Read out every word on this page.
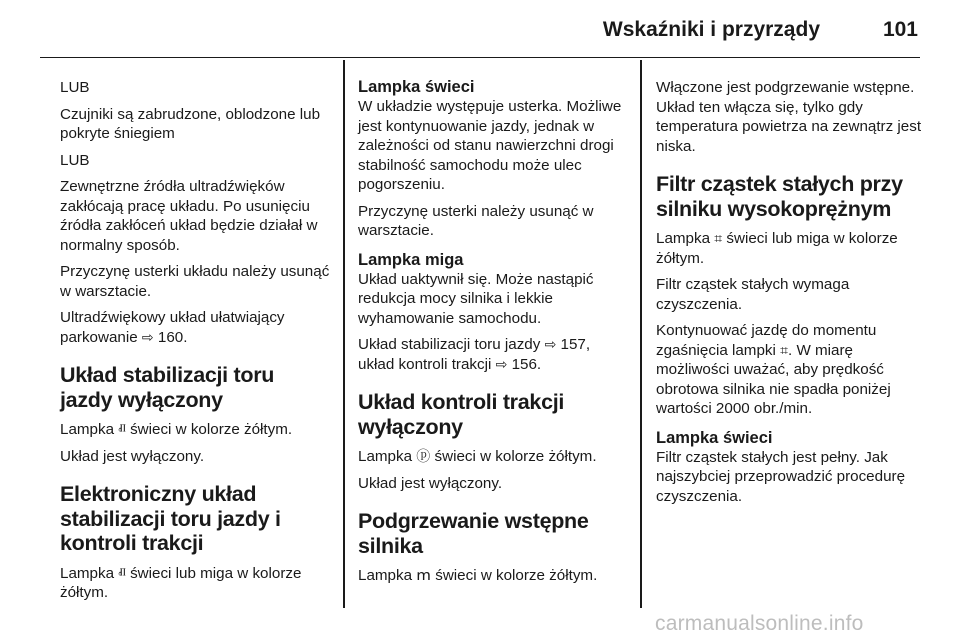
Wskaźniki i przyrządy	101

LUB

Czujniki są zabrudzone, oblodzone lub pokryte śniegiem

LUB

Zewnętrzne źródła ultradźwięków zakłócają pracę układu. Po usunięciu źródła zakłóceń układ będzie działał w normalny sposób.

Przyczynę usterki układu należy usunąć w warsztacie.

Ultradźwiękowy układ ułatwiający parkowanie ⇨ 160.

Układ stabilizacji toru jazdy wyłączony

Lampka ⱊ świeci w kolorze żółtym.

Układ jest wyłączony.

Elektroniczny układ stabilizacji toru jazdy i kontroli trakcji

Lampka ⱊ świeci lub miga w kolorze żółtym.

Lampka świeci

W układzie występuje usterka. Możliwe jest kontynuowanie jazdy, jednak w zależności od stanu nawierzchni drogi stabilność samochodu może ulec pogorszeniu.

Przyczynę usterki należy usunąć w warsztacie.

Lampka miga

Układ uaktywnił się. Może nastąpić redukcja mocy silnika i lekkie wyhamowanie samochodu.

Układ stabilizacji toru jazdy ⇨ 157, układ kontroli trakcji ⇨ 156.

Układ kontroli trakcji wyłączony

Lampka ⓟ świeci w kolorze żółtym.

Układ jest wyłączony.

Podgrzewanie wstępne silnika

Lampka ՠ świeci w kolorze żółtym.

Włączone jest podgrzewanie wstępne. Układ ten włącza się, tylko gdy temperatura powietrza na zewnątrz jest niska.

Filtr cząstek stałych przy silniku wysokoprężnym

Lampka ⌗ świeci lub miga w kolorze żółtym.

Filtr cząstek stałych wymaga czyszczenia.

Kontynuować jazdę do momentu zgaśnięcia lampki ⌗. W miarę możliwości uważać, aby prędkość obrotowa silnika nie spadła poniżej wartości 2000 obr./min.

Lampka świeci

Filtr cząstek stałych jest pełny. Jak najszybciej przeprowadzić procedurę czyszczenia.

carmanualsonline.info
